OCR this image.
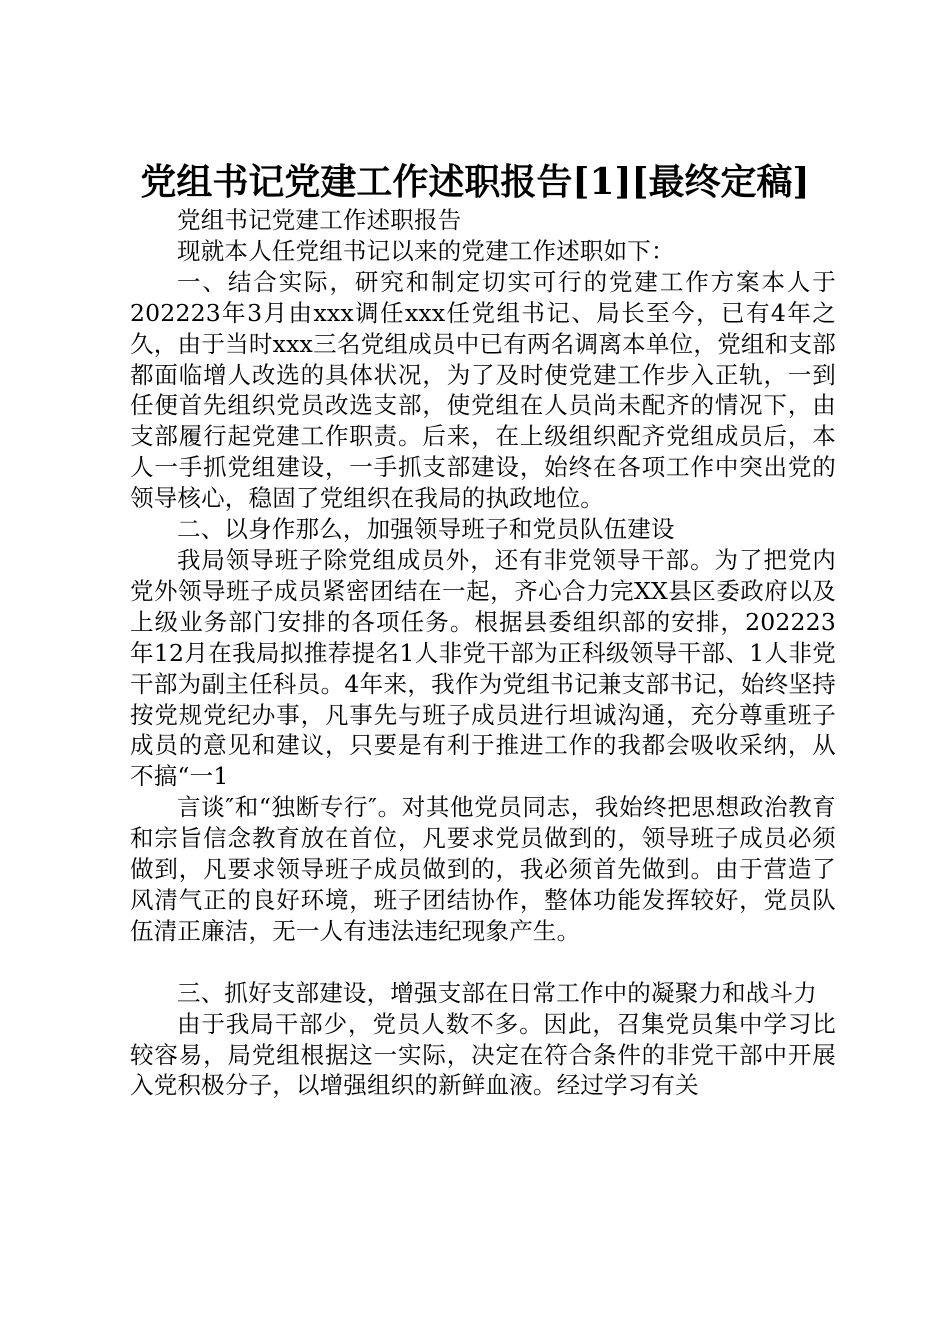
党组书记党建工作述职报告[1][最终定稿]

党组书记党建工作述职报告

现就本人任党组书记以来的党建工作述职如下：

一、结合实际，研究和制定切实可行的党建工作方案本人于202223年3月由xxx调任xxx任党组书记、局长至今，已有4年之久，由于当时xxx三名党组成员中已有两名调离本单位，党组和支部都面临增人改选的具体状况，为了及时使党建工作步入正轨，一到任便首先组织党员改选支部，使党组在人员尚未配齐的情况下，由支部履行起党建工作职责。后来，在上级组织配齐党组成员后，本人一手抓党组建设，一手抓支部建设，始终在各项工作中突出党的领导核心，稳固了党组织在我局的执政地位。

二、以身作那么，加强领导班子和党员队伍建设

我局领导班子除党组成员外，还有非党领导干部。为了把党内党外领导班子成员紧密团结在一起，齐心合力完XX县区委政府以及上级业务部门安排的各项任务。根据县委组织部的安排，202223年12月在我局拟推荐提名1人非党干部为正科级领导干部、1人非党干部为副主任科员。4年来，我作为党组书记兼支部书记，始终坚持按党规党纪办事，凡事先与班子成员进行坦诚沟通，充分尊重班子成员的意见和建议，只要是有利于推进工作的我都会吸收采纳，从不搞“一1

言谈″和“独断专行″。对其他党员同志，我始终把思想政治教育和宗旨信念教育放在首位，凡要求党员做到的，领导班子成员必须做到，凡要求领导班子成员做到的，我必须首先做到。由于营造了风清气正的良好环境，班子团结协作，整体功能发挥较好，党员队伍清正廉洁，无一人有违法违纪现象产生。

三、抓好支部建设，增强支部在日常工作中的凝聚力和战斗力

由于我局干部少，党员人数不多。因此，召集党员集中学习比较容易，局党组根据这一实际，决定在符合条件的非党干部中开展入党积极分子，以增强组织的新鲜血液。经过学习有关
